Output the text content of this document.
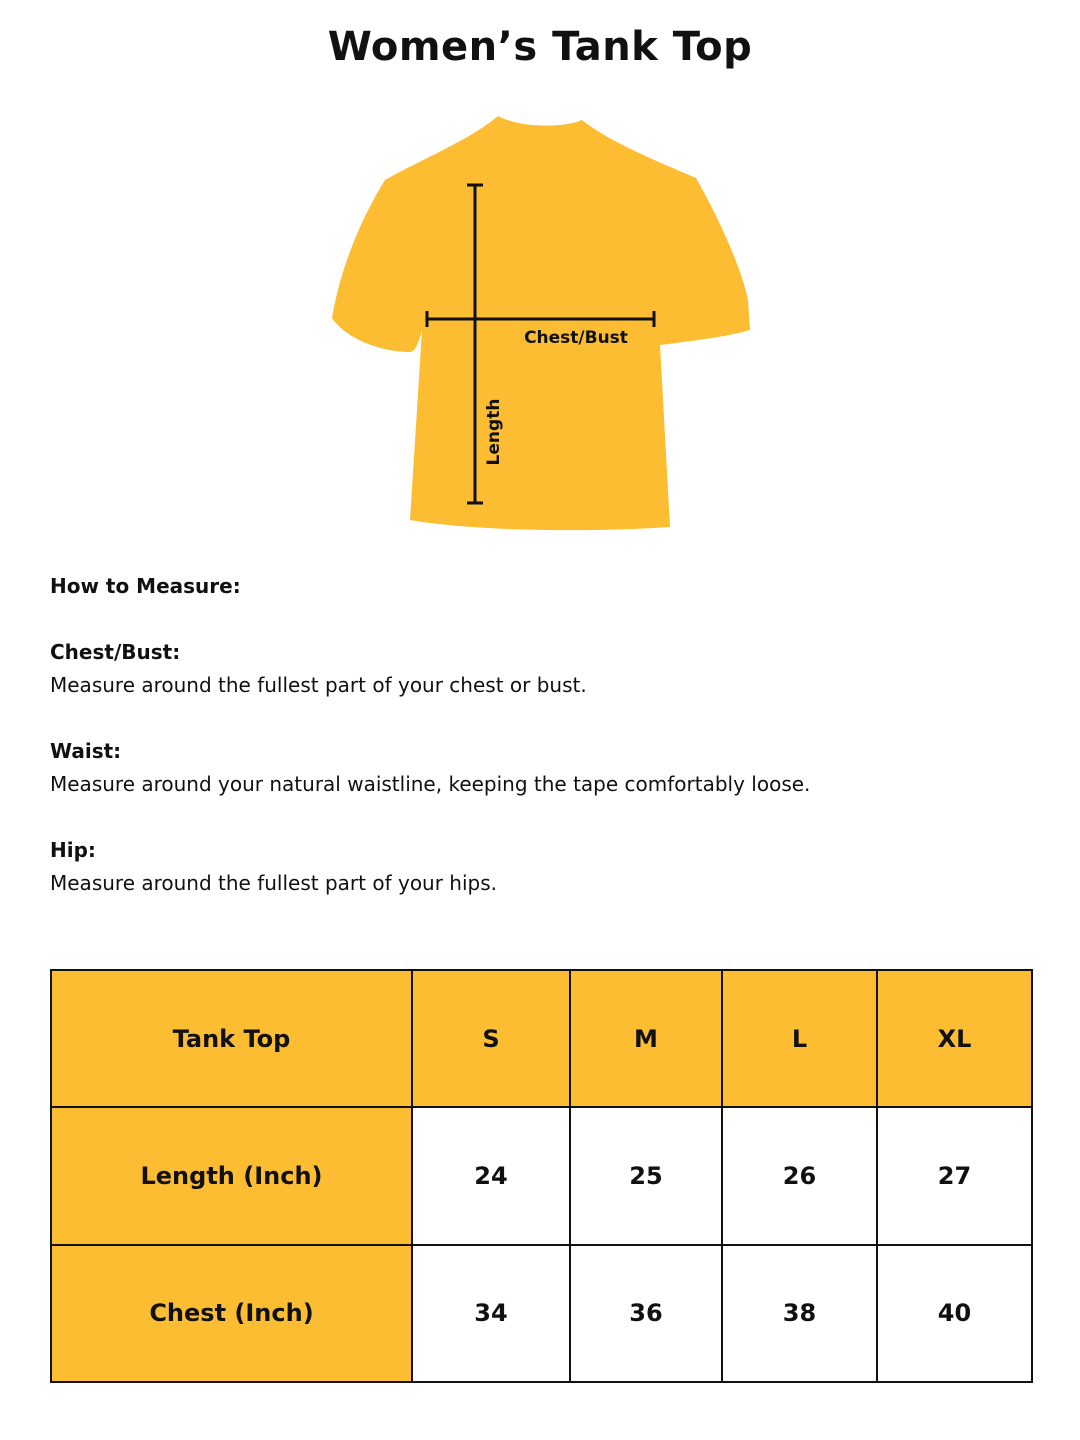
Women’s Tank Top
Chest/Bust
Length
How to Measure:
Chest/Bust:
Measure around the fullest part of your chest or bust.
Waist:
Measure around your natural waistline, keeping the tape comfortably loose.
Hip:
Measure around the fullest part of your hips.
Tank Top	S	M	L	XL
Length (Inch)	24	25	26	27
Chest (Inch)	34	36	38	40
